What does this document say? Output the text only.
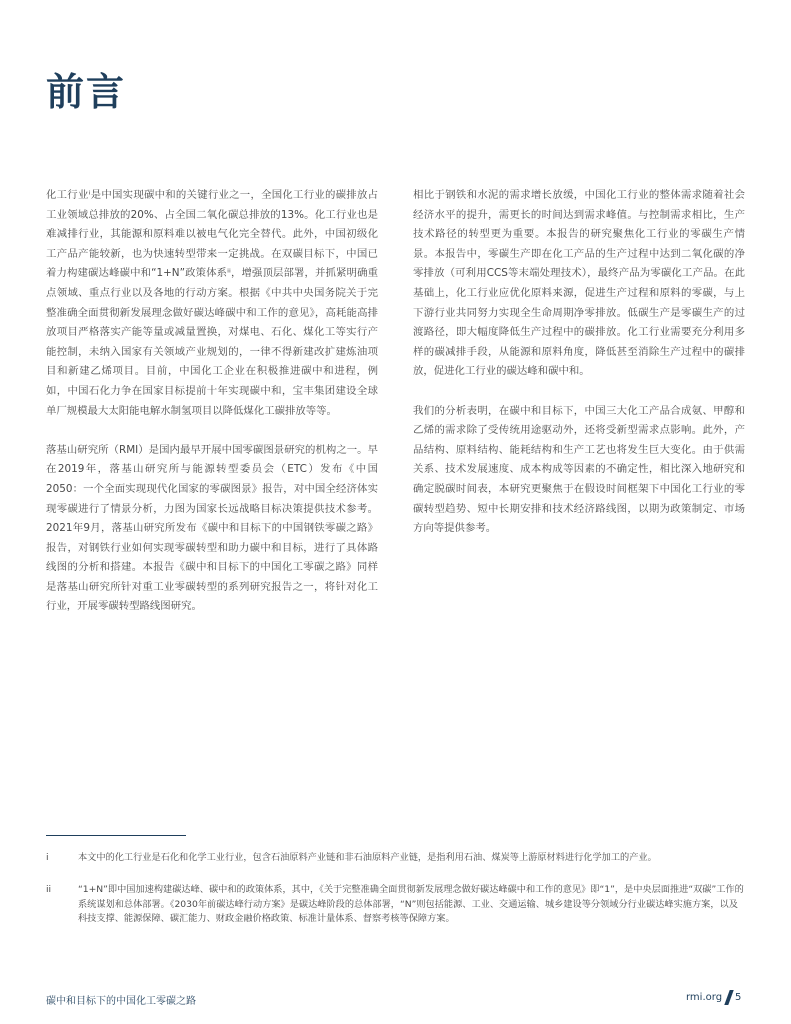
前言

化工行业ⁱ是中国实现碳中和的关键行业之一，全国化工行业的碳排放占工业领域总排放的20%、占全国二氧化碳总排放的13%。化工行业也是难减排行业，其能源和原料难以被电气化完全替代。此外，中国初级化工产品产能较新，也为快速转型带来一定挑战。在双碳目标下，中国已着力构建碳达峰碳中和“1+N”政策体系ⁱⁱ，增强顶层部署，并抓紧明确重点领域、重点行业以及各地的行动方案。根据《中共中央国务院关于完整准确全面贯彻新发展理念做好碳达峰碳中和工作的意见》，高耗能高排放项目严格落实产能等量或减量置换，对煤电、石化、煤化工等实行产能控制，未纳入国家有关领域产业规划的，一律不得新建改扩建炼油项目和新建乙烯项目。目前，中国化工企业在积极推进碳中和进程，例如，中国石化力争在国家目标提前十年实现碳中和，宝丰集团建设全球单厂规模最大太阳能电解水制氢项目以降低煤化工碳排放等等。

落基山研究所（RMI）是国内最早开展中国零碳图景研究的机构之一。早在2019年，落基山研究所与能源转型委员会（ETC）发布《中国2050：一个全面实现现代化国家的零碳图景》报告，对中国全经济体实现零碳进行了情景分析，力图为国家长远战略目标决策提供技术参考。2021年9月，落基山研究所发布《碳中和目标下的中国钢铁零碳之路》报告，对钢铁行业如何实现零碳转型和助力碳中和目标，进行了具体路线图的分析和搭建。本报告《碳中和目标下的中国化工零碳之路》同样是落基山研究所针对重工业零碳转型的系列研究报告之一，将针对化工行业，开展零碳转型路线图研究。

相比于钢铁和水泥的需求增长放缓，中国化工行业的整体需求随着社会经济水平的提升，需更长的时间达到需求峰值。与控制需求相比，生产技术路径的转型更为重要。本报告的研究聚焦化工行业的零碳生产情景。本报告中，零碳生产即在化工产品的生产过程中达到二氧化碳的净零排放（可利用CCS等末端处理技术），最终产品为零碳化工产品。在此基础上，化工行业应优化原料来源，促进生产过程和原料的零碳，与上下游行业共同努力实现全生命周期净零排放。低碳生产是零碳生产的过渡路径，即大幅度降低生产过程中的碳排放。化工行业需要充分利用多样的碳减排手段，从能源和原料角度，降低甚至消除生产过程中的碳排放，促进化工行业的碳达峰和碳中和。

我们的分析表明，在碳中和目标下，中国三大化工产品合成氨、甲醇和乙烯的需求除了受传统用途驱动外，还将受新型需求点影响。此外，产品结构、原料结构、能耗结构和生产工艺也将发生巨大变化。由于供需关系、技术发展速度、成本构成等因素的不确定性，相比深入地研究和确定脱碳时间表，本研究更聚焦于在假设时间框架下中国化工行业的零碳转型趋势、短中长期安排和技术经济路线图，以期为政策制定、市场方向等提供参考。

i	本文中的化工行业是石化和化学工业行业，包含石油原料产业链和非石油原料产业链，是指利用石油、煤炭等上游原材料进行化学加工的产业。
ii	“1+N”即中国加速构建碳达峰、碳中和的政策体系，其中，《关于完整准确全面贯彻新发展理念做好碳达峰碳中和工作的意见》即“1”，是中央层面推进“双碳”工作的系统谋划和总体部署。《2030年前碳达峰行动方案》是碳达峰阶段的总体部署，“N”则包括能源、工业、交通运输、城乡建设等分领域分行业碳达峰实施方案，以及科技支撑、能源保障、碳汇能力、财政金融价格政策、标准计量体系、督察考核等保障方案。
碳中和目标下的中国化工零碳之路	rmi.org 5
